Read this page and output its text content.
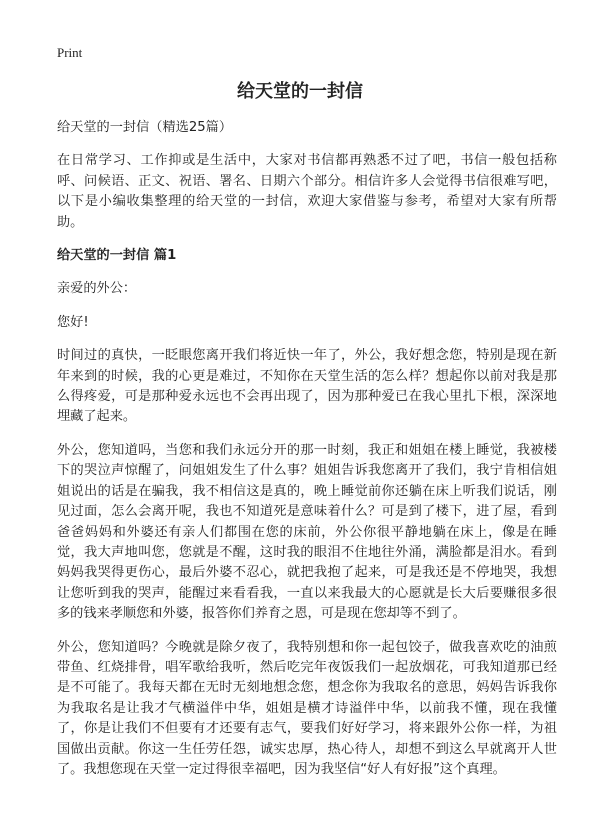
Print
给天堂的一封信

给天堂的一封信（精选25篇）

在日常学习、工作抑或是生活中，大家对书信都再熟悉不过了吧，书信一般包括称呼、问候语、正文、祝语、署名、日期六个部分。相信许多人会觉得书信很难写吧，以下是小编收集整理的给天堂的一封信，欢迎大家借鉴与参考，希望对大家有所帮助。

给天堂的一封信 篇1

亲爱的外公：

您好!

时间过的真快，一眨眼您离开我们将近快一年了，外公，我好想念您，特别是现在新年来到的时候，我的心更是难过，不知你在天堂生活的怎么样？想起你以前对我是那么得疼爱，可是那种爱永远也不会再出现了，因为那种爱已在我心里扎下根，深深地埋藏了起来。

外公，您知道吗，当您和我们永远分开的那一时刻，我正和姐姐在楼上睡觉，我被楼下的哭泣声惊醒了，问姐姐发生了什么事？姐姐告诉我您离开了我们，我宁肯相信姐姐说出的话是在骗我，我不相信这是真的，晚上睡觉前你还躺在床上听我们说话，刚见过面，怎么会离开呢，我也不知道死是意味着什么？可是到了楼下，进了屋，看到爸爸妈妈和外婆还有亲人们都围在您的床前，外公你很平静地躺在床上，像是在睡觉，我大声地叫您，您就是不醒，这时我的眼泪不住地往外涌，满脸都是泪水。看到妈妈我哭得更伤心，最后外婆不忍心，就把我抱了起来，可是我还是不停地哭，我想让您听到我的哭声，能醒过来看看我，一直以来我最大的心愿就是长大后要赚很多很多的钱来孝顺您和外婆，报答你们养育之恩，可是现在您却等不到了。

外公，您知道吗？今晚就是除夕夜了，我特别想和你一起包饺子，做我喜欢吃的油煎带鱼、红烧排骨，唱军歌给我听，然后吃完年夜饭我们一起放烟花，可我知道那已经是不可能了。我每天都在无时无刻地想念您，想念你为我取名的意思，妈妈告诉我你为我取名是让我才气横溢伴中华，姐姐是横才诗溢伴中华，以前我不懂，现在我懂了，你是让我们不但要有才还要有志气，要我们好好学习，将来跟外公你一样，为祖国做出贡献。你这一生任劳任怨，诚实忠厚，热心待人，却想不到这么早就离开人世了。我想您现在天堂一定过得很幸福吧，因为我坚信“好人有好报”这个真理。
